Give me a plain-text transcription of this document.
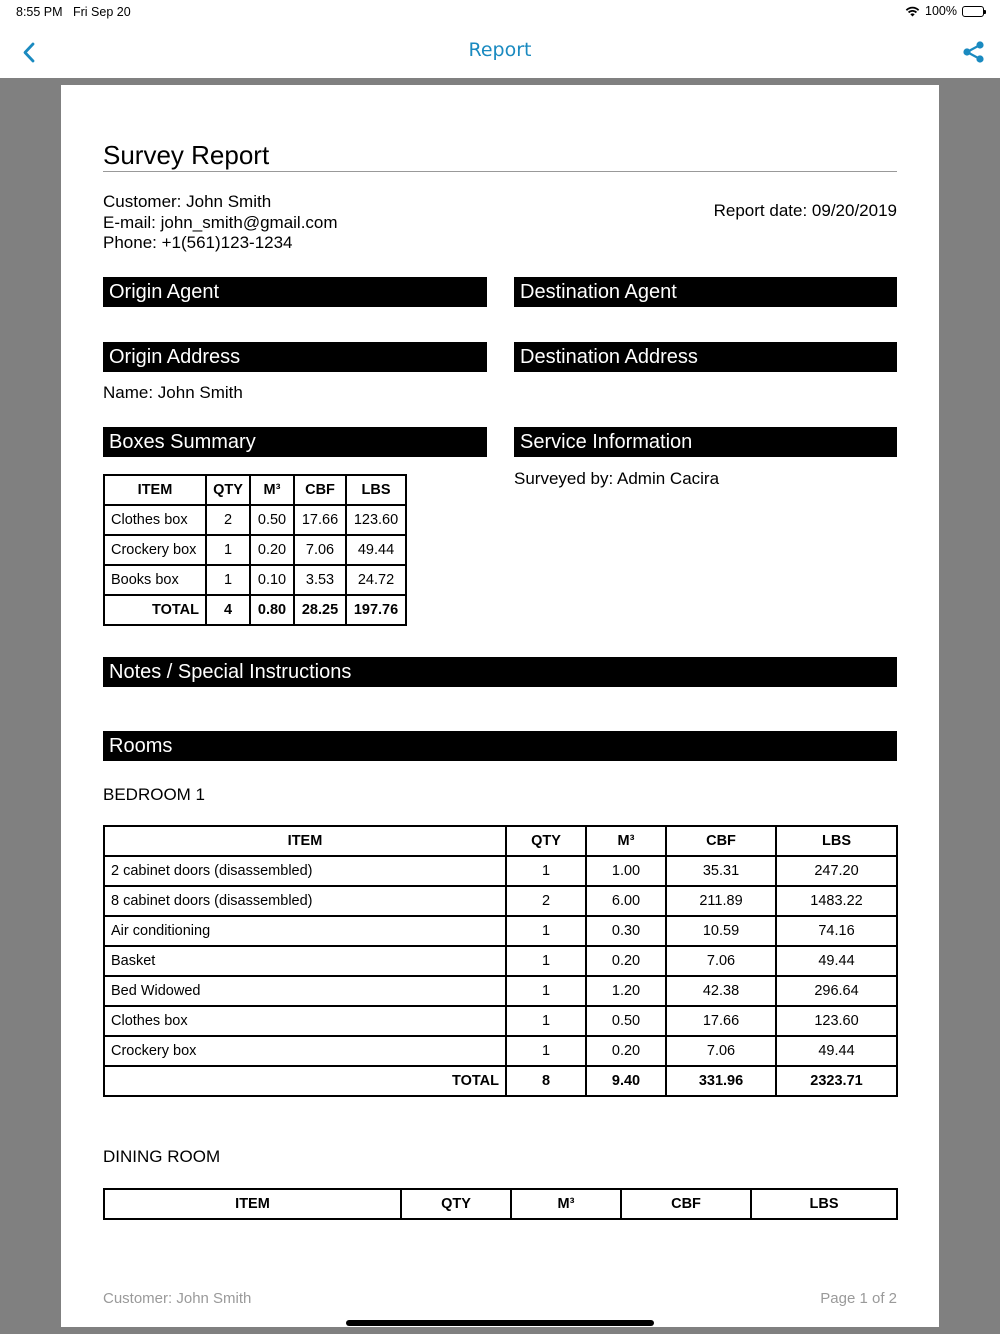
8:55 PM Fri Sep 20	100%
Report
Survey Report
Customer: John Smith
E-mail: john_smith@gmail.com
Phone: +1(561)123-1234
Report date: 09/20/2019
Origin Agent	Destination Agent
Origin Address	Destination Address
Name: John Smith
Boxes Summary	Service Information
Surveyed by: Admin Cacira
ITEM	QTY	M³	CBF	LBS
Clothes box	2	0.50	17.66	123.60
Crockery box	1	0.20	7.06	49.44
Books box	1	0.10	3.53	24.72
TOTAL	4	0.80	28.25	197.76
Notes / Special Instructions
Rooms
BEDROOM 1
ITEM	QTY	M³	CBF	LBS
2 cabinet doors (disassembled)	1	1.00	35.31	247.20
8 cabinet doors (disassembled)	2	6.00	211.89	1483.22
Air conditioning	1	0.30	10.59	74.16
Basket	1	0.20	7.06	49.44
Bed Widowed	1	1.20	42.38	296.64
Clothes box	1	0.50	17.66	123.60
Crockery box	1	0.20	7.06	49.44
TOTAL	8	9.40	331.96	2323.71
DINING ROOM
ITEM	QTY	M³	CBF	LBS
Customer: John Smith	Page 1 of 2
